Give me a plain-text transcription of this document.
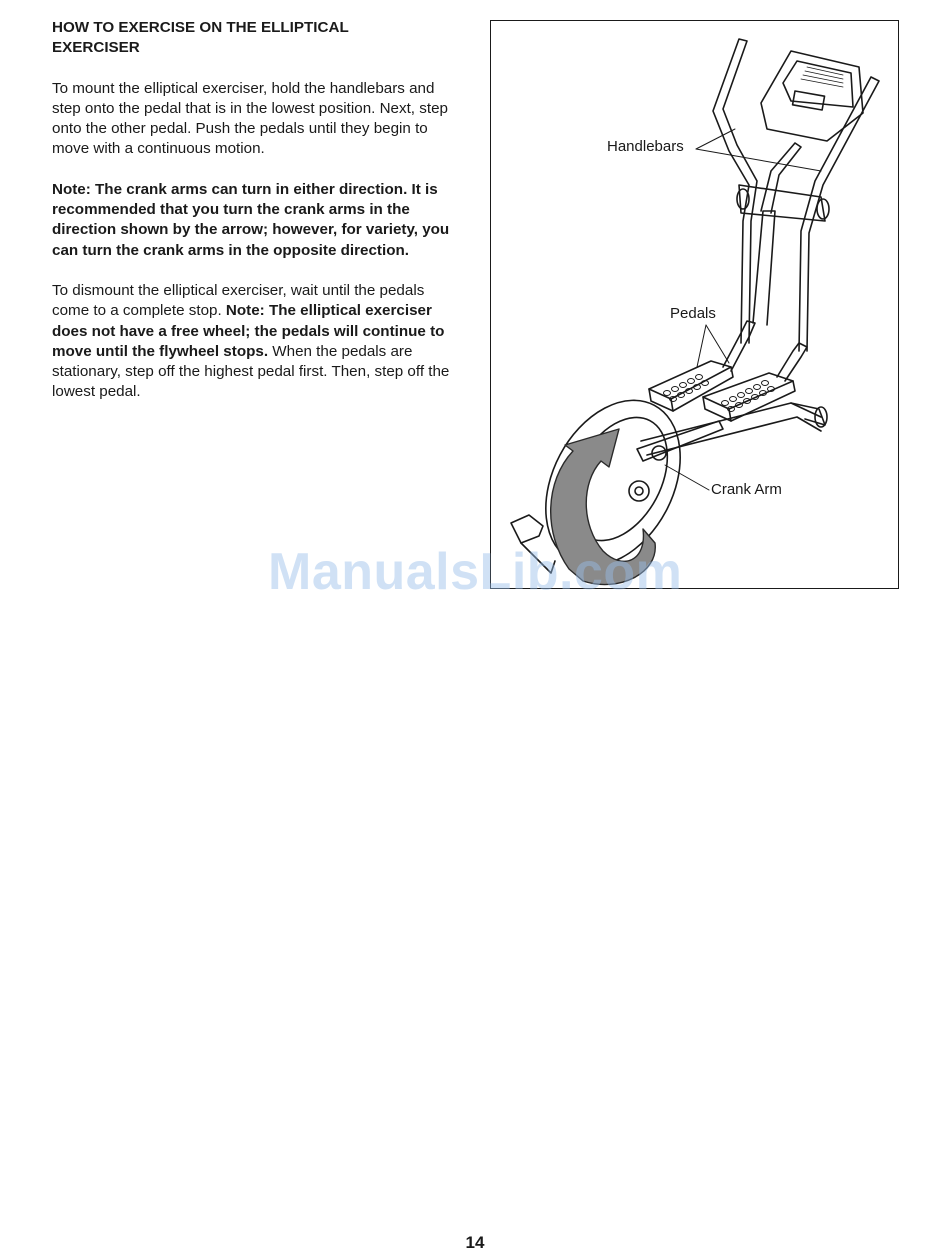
HOW TO EXERCISE ON THE ELLIPTICAL
EXERCISER

To mount the elliptical exerciser, hold the handlebars and step onto the pedal that is in the lowest position. Next, step onto the other pedal. Push the pedals until they begin to move with a continuous motion.

Note: The crank arms can turn in either direction. It is recommended that you turn the crank arms in the direction shown by the arrow; however, for variety, you can turn the crank arms in the opposite direction.

To dismount the elliptical exerciser, wait until the pedals come to a complete stop. Note: The elliptical exerciser does not have a free wheel; the pedals will continue to move until the flywheel stops. When the pedals are stationary, step off the highest pedal first. Then, step off the lowest pedal.

Handlebars
Pedals
Crank Arm
ManualsLib.com
14
